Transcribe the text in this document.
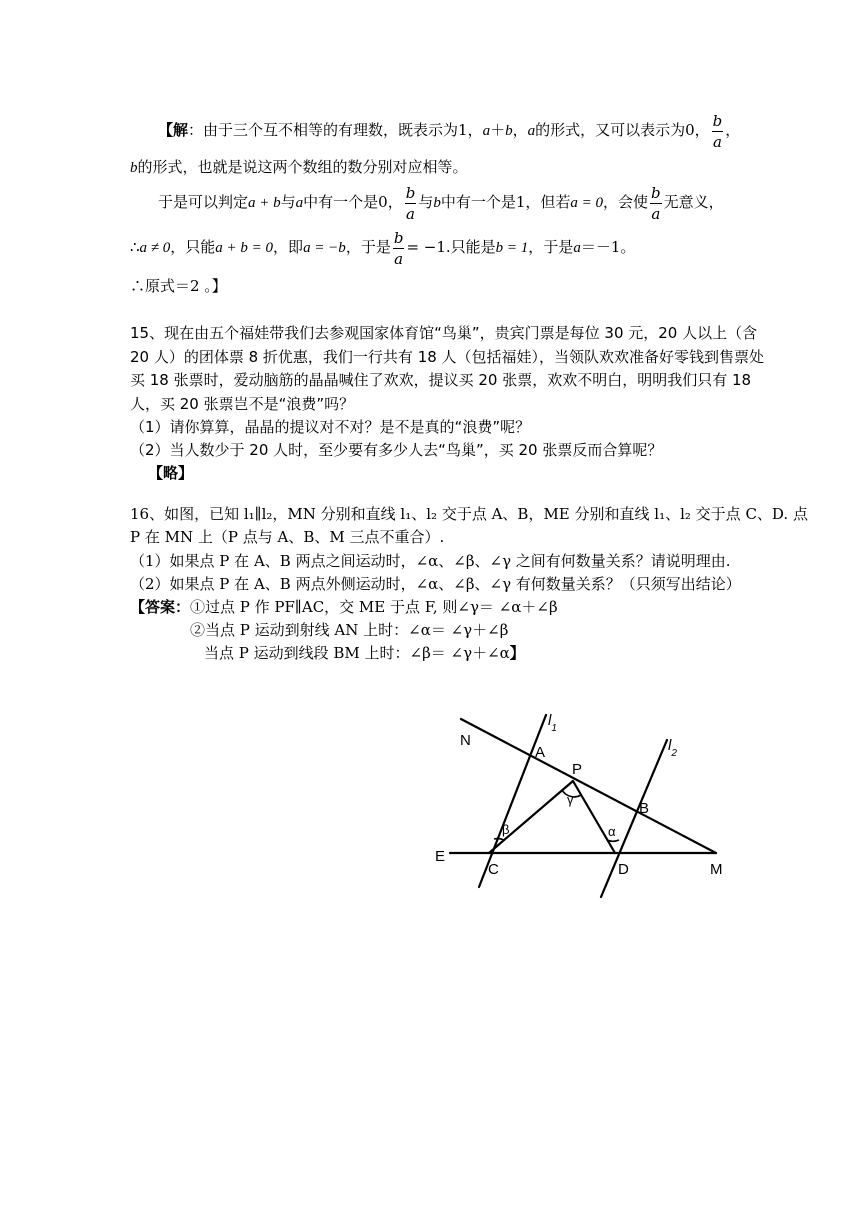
【解：由于三个互不相等的有理数，既表示为1，a＋b，a的形式，又可以表示为0， $\frac{b}{a}$ ，
b的形式，也就是说这两个数组的数分别对应相等。
于是可以判定a + b与a中有一个是0， $\frac{b}{a}$ 与b中有一个是1，但若a = 0，会使 $\frac{b}{a}$ 无意义，
∴a ≠ 0，只能a + b = 0，即a = −b，于是 $\frac{b}{a} = -1$.只能是b = 1，于是a＝－1。
∴原式＝2 。】
15、现在由五个福娃带我们去参观国家体育馆“鸟巢”，贵宾门票是每位 30 元，20 人以上（含
20 人）的团体票 8 折优惠，我们一行共有 18 人（包括福娃），当领队欢欢准备好零钱到售票处
买 18 张票时，爱动脑筋的晶晶喊住了欢欢，提议买 20 张票，欢欢不明白，明明我们只有 18
人，买 20 张票岂不是“浪费”吗？
（1）请你算算，晶晶的提议对不对？是不是真的“浪费”呢？
（2）当人数少于 20 人时，至少要有多少人去“鸟巢”，买 20 张票反而合算呢？
【略】
16、如图，已知 l₁∥l₂，MN 分别和直线 l₁、l₂ 交于点 A、B，ME 分别和直线 l₁、l₂ 交于点 C、D. 点
P 在 MN 上（P 点与 A、B、M 三点不重合）.
（1）如果点 P 在 A、B 两点之间运动时，∠α、∠β、∠γ 之间有何数量关系？请说明理由.
（2）如果点 P 在 A、B 两点外侧运动时，∠α、∠β、∠γ 有何数量关系？（只须写出结论）
【答案：①过点 P 作 PF∥AC，交 ME 于点 F, 则∠γ＝ ∠α＋∠β
②当点 P 运动到射线 AN 上时：∠α＝ ∠γ＋∠β
当点 P 运动到线段 BM 上时：∠β＝ ∠γ＋∠α】
N
A
$l_1$
$l_2$
P
γ
B
β	α
E
C	D	M
